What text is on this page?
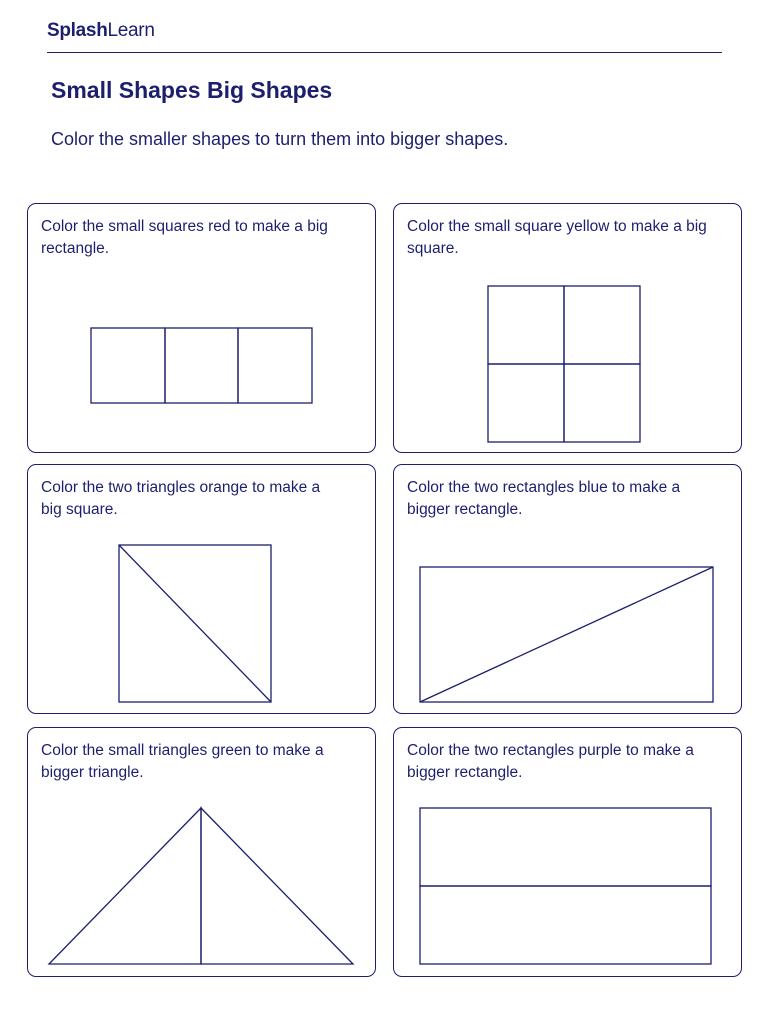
SplashLearn
Small Shapes Big Shapes

Color the smaller shapes to turn them into bigger shapes.

Color the small squares red to make a big rectangle.

Color the small square yellow to make a big square.

Color the two triangles orange to make a big square.

Color the two rectangles blue to make a bigger rectangle.

Color the small triangles green to make a bigger triangle.

Color the two rectangles purple to make a bigger rectangle.
